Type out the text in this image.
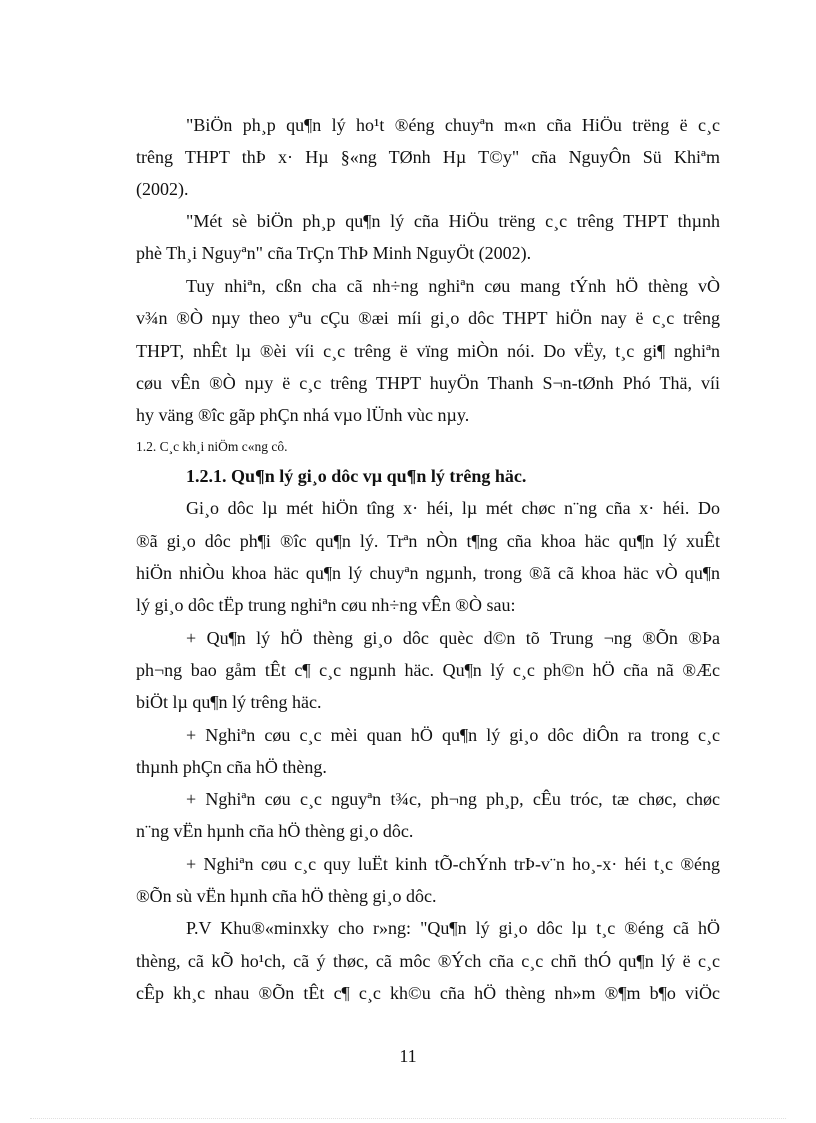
"BiÖn ph¸p qu¶n lý ho¹t ®éng chuyªn m«n cña HiÖu trëng ë c¸c
trêng THPT thÞ x· Hµ §«ng TØnh Hµ T©y" cña NguyÔn Sü Khiªm
(2002).
"Mét sè biÖn ph¸p qu¶n lý cña HiÖu trëng c¸c trêng THPT thµnh
phè Th¸i Nguyªn" cña TrÇn ThÞ Minh NguyÖt (2002).
Tuy nhiªn, cßn cha cã nh÷ng nghiªn cøu mang tÝnh hÖ thèng vÒ
v¾n ®Ò nµy theo yªu cÇu ®æi míi gi¸o dôc THPT hiÖn nay ë c¸c trêng
THPT, nhÊt lµ ®èi víi c¸c trêng ë vïng miÒn nói. Do vËy, t¸c gi¶ nghiªn
cøu vÊn ®Ò nµy ë c¸c trêng THPT huyÖn Thanh S¬n-tØnh Phó Thä, víi
hy väng ®îc gãp phÇn nhá vµo lÜnh vùc nµy.
1.2. C¸c kh¸i niÖm c«ng cô.
1.2.1. Qu¶n lý gi¸o dôc vµ qu¶n lý trêng häc.
Gi¸o dôc lµ mét hiÖn tîng x· héi, lµ mét chøc n¨ng cña x· héi. Do
®ã gi¸o dôc ph¶i ®îc qu¶n lý. Trªn nÒn t¶ng cña khoa häc qu¶n lý xuÊt
hiÖn nhiÒu khoa häc qu¶n lý chuyªn ngµnh, trong ®ã cã khoa häc vÒ qu¶n
lý gi¸o dôc tËp trung nghiªn cøu nh÷ng vÊn ®Ò sau:
+ Qu¶n lý hÖ thèng gi¸o dôc quèc d©n tõ Trung ¬ng ®Õn ®Þa
ph¬ng bao gåm tÊt c¶ c¸c ngµnh häc. Qu¶n lý c¸c ph©n hÖ cña nã ®Æc
biÖt lµ qu¶n lý trêng häc.
+ Nghiªn cøu c¸c mèi quan hÖ qu¶n lý gi¸o dôc diÔn ra trong c¸c
thµnh phÇn cña hÖ thèng.
+ Nghiªn cøu c¸c nguyªn t¾c, ph¬ng ph¸p, cÊu tróc, tæ chøc, chøc
n¨ng vËn hµnh cña hÖ thèng gi¸o dôc.
+ Nghiªn cøu c¸c quy luËt kinh tÕ-chÝnh trÞ-v¨n ho¸-x· héi t¸c ®éng
®Õn sù vËn hµnh cña hÖ thèng gi¸o dôc.
P.V Khu®«minxky cho r»ng: "Qu¶n lý gi¸o dôc lµ t¸c ®éng cã hÖ
thèng, cã kÕ ho¹ch, cã ý thøc, cã môc ®Ých cña c¸c chñ thÓ qu¶n lý ë c¸c
cÊp kh¸c nhau ®Õn tÊt c¶ c¸c kh©u cña hÖ thèng nh»m ®¶m b¶o viÖc
11
